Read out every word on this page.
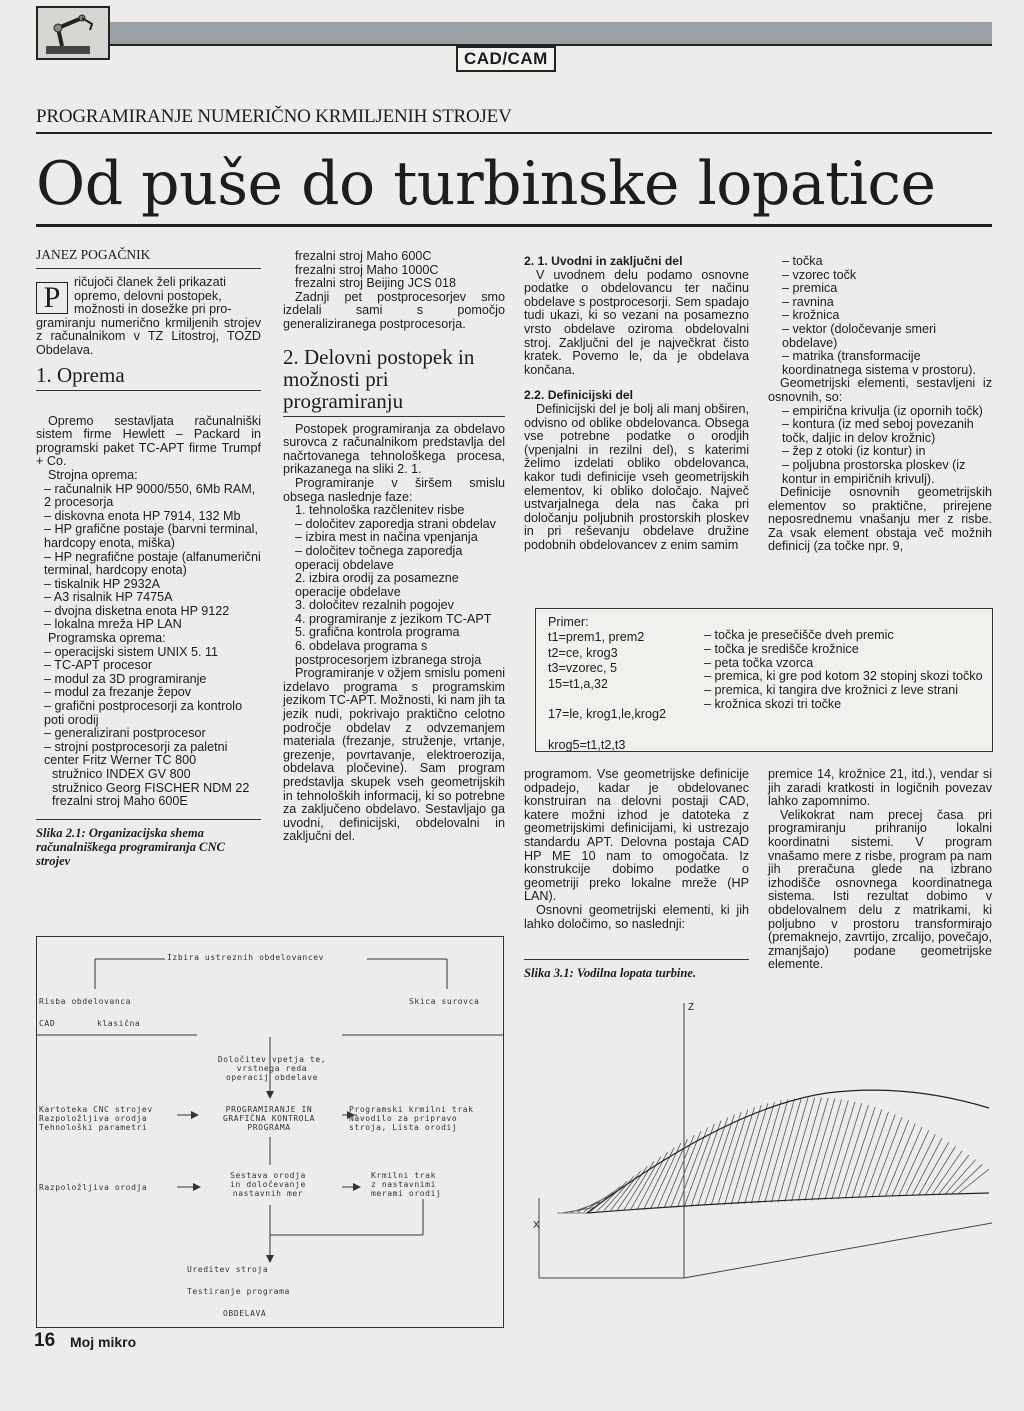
CAD/CAM
PROGRAMIRANJE NUMERIČNO KRMILJENIH STROJEV
Od puše do turbinske lopatice
JANEZ POGAČNIK
P	ričujoči članek želi prikazati
opremo, delovni postopek,
možnosti in dosežke pri pro-

gramiranju numerično krmiljenih strojev z računalnikom v TZ Litostroj, TOZD Obdelava.

1. Oprema

Opremo sestavljata računalniški sistem firme Hewlett – Packard in programski paket TC-APT firme Trumpf + Co.

Strojna oprema:

– računalnik HP 9000/550, 6Mb RAM, 2 procesorja

– diskovna enota HP 7914, 132 Mb

– HP grafične postaje (barvni terminal, hardcopy enota, miška)

– HP negrafične postaje (alfanumerični terminal, hardcopy enota)

– tiskalnik HP 2932A

– A3 risalnik HP 7475A

– dvojna disketna enota HP 9122

– lokalna mreža HP LAN

Programska oprema:

– operacijski sistem UNIX 5. 11

– TC-APT procesor

– modul za 3D programiranje

– modul za frezanje žepov

– grafični postprocesorji za kontrolo poti orodij

– generalizirani postprocesor

– strojni postprocesorji za paletni center Fritz Werner TC 800

stružnico INDEX GV 800

stružnico Georg FISCHER NDM 22

frezalni stroj Maho 600E

Slika 2.1: Organizacijska shema računalniškega programiranja CNC strojev

frezalni stroj Maho 600C

frezalni stroj Maho 1000C

frezalni stroj Beijing JCS 018

Zadnji pet postprocesorjev smo izdelali sami s pomočjo generaliziranega postprocesorja.

2. Delovni postopek in možnosti pri programiranju

Postopek programiranja za obdelavo surovca z računalnikom predstavlja del načrtovanega tehnološkega procesa, prikazanega na sliki 2. 1.

Programiranje v širšem smislu obsega naslednje faze:

1. tehnološka razčlenitev risbe

– določitev zaporedja strani obdelav

– izbira mest in načina vpenjanja

– določitev točnega zaporedja operacij obdelave

2. izbira orodij za posamezne operacije obdelave

3. določitev rezalnih pogojev

4. programiranje z jezikom TC-APT

5. grafična kontrola programa

6. obdelava programa s postprocesorjem izbranega stroja

Programiranje v ožjem smislu pomeni izdelavo programa s programskim jezikom TC-APT. Možnosti, ki nam jih ta jezik nudi, pokrivajo praktično celotno področje obdelav z odvzemanjem materiala (frezanje, struženje, vrtanje, grezenje, povrtavanje, elektroerozija, obdelava pločevine). Sam program predstavlja skupek vseh geometrijskih in tehnoloških informacij, ki so potrebne za zaključeno obdelavo. Sestavljajo ga uvodni, definicijski, obdelovalni in zaključni del.

2. 1. Uvodni in zaključni del

V uvodnem delu podamo osnovne podatke o obdelovancu ter načinu obdelave s postprocesorji. Sem spadajo tudi ukazi, ki so vezani na posamezno vrsto obdelave oziroma obdelovalni stroj. Zaključni del je največkrat čisto kratek. Povemo le, da je obdelava končana.

2.2. Definicijski del

Definicijski del je bolj ali manj obširen, odvisno od oblike obdelovanca. Obsega vse potrebne podatke o orodjih (vpenjalni in rezilni del), s katerimi želimo izdelati obliko obdelovanca, kakor tudi definicije vseh geometrijskih elementov, ki obliko določajo. Največ ustvarjalnega dela nas čaka pri določanju poljubnih prostorskih ploskev in pri reševanju obdelave družine podobnih obdelovancev z enim samim

programom. Vse geometrijske definicije odpadejo, kadar je obdelovanec konstruiran na delovni postaji CAD, katere možni izhod je datoteka z geometrijskimi definicijami, ki ustrezajo standardu APT. Delovna postaja CAD HP ME 10 nam to omogočata. Iz konstrukcije dobimo podatke o geometriji preko lokalne mreže (HP LAN).

Osnovni geometrijski elementi, ki jih lahko določimo, so naslednji:

Slika 3.1: Vodilna lopata turbine.

– točka

– vzorec točk

– premica

– ravnina

– krožnica

– vektor (določevanje smeri obdelave)

– matrika (transformacije koordinatnega sistema v prostoru).

Geometrijski elementi, sestavljeni iz osnovnih, so:

– empirična krivulja (iz opornih točk)

– kontura (iz med seboj povezanih točk, daljic in delov krožnic)

– žep z otoki (iz kontur) in

– poljubna prostorska ploskev (iz kontur in empiričnih krivulj).

Definicije osnovnih geometrijskih elementov so praktične, prirejene neposrednemu vnašanju mer z risbe. Za vsak element obstaja več možnih definicij (za točke npr. 9,

premice 14, krožnice 21, itd.), vendar si jih zaradi kratkosti in logičnih povezav lahko zapomnimo.

Velikokrat nam precej časa pri programiranju prihranijo lokalni koordinatni sistemi. V program vnašamo mere z risbe, program pa nam jih preračuna glede na izbrano izhodišče osnovnega koordinatnega sistema. Isti rezultat dobimo v obdelovalnem delu z matrikami, ki poljubno v prostoru transformirajo (premaknejo, zavrtijo, zrcalijo, povečajo, zmanjšajo) podane geometrijske elemente.

Primer:
t1=prem1, prem2
t2=ce, krog3
t3=vzorec, 5
15=t1,a,32

17=le, krog1,le,krog2

krog5=t1,t2,t3
– točka je presečišče dveh premic
– točka je središče krožnice
– peta točka vzorca
– premica, ki gre pod kotom 32 stopinj skozi točko
– premica, ki tangira dve krožnici z leve strani
– krožnica skozi tri točke
Izbira ustreznih obdelovancev
Risba obdelovanca
CAD	klasična
Skica surovca
Določitev vpetja te,
vrstnega reda
operacij obdelave
Kartoteka CNC strojev
Razpoložljiva orodja
Tehnološki parametri
PROGRAMIRANJE IN
GRAFIČNA KONTROLA
PROGRAMA
Programski krmilni trak
Navodilo za pripravo
stroja, Lista orodij
Razpoložljiva orodja
Sestava orodja
in določevanje
nastavnih mer
Krmilni trak
z nastavnimi
merami orodij
Ureditev stroja
Testiranje programa
OBDELAVA
Z
X
16 Moj mikro
